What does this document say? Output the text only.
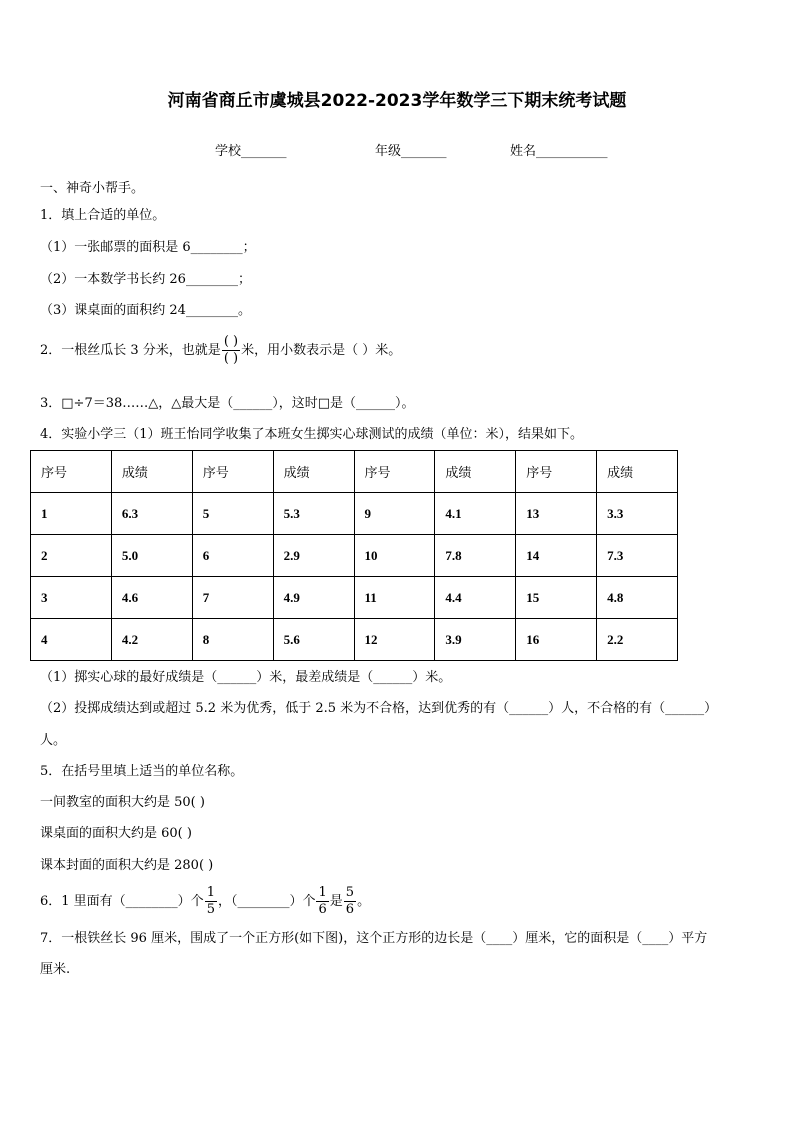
河南省商丘市虞城县2022-2023学年数学三下期末统考试题
学校_______	年级_______	姓名___________
一、神奇小帮手。
1．填上合适的单位。
（1）一张邮票的面积是 6________；
（2）一本数学书长约 26________；
（3）课桌面的面积约 24________。
2．一根丝瓜长 3 分米，也就是 $\frac{( )}{( )}$ 米，用小数表示是（ ）米。
3．□÷7＝38……△，△最大是（______），这时□是（______）。
4．实验小学三（1）班王怡同学收集了本班女生掷实心球测试的成绩（单位：米），结果如下。
序号	成绩	序号	成绩	序号	成绩	序号	成绩
1	6.3	5	5.3	9	4.1	13	3.3
2	5.0	6	2.9	10	7.8	14	7.3
3	4.6	7	4.9	11	4.4	15	4.8
4	4.2	8	5.6	12	3.9	16	2.2
（1）掷实心球的最好成绩是（______）米，最差成绩是（______）米。
（2）投掷成绩达到或超过 5.2 米为优秀，低于 2.5 米为不合格，达到优秀的有（______）人，不合格的有（______）
人。
5．在括号里填上适当的单位名称。
一间教室的面积大约是 50( )
课桌面的面积大约是 60( )
课本封面的面积大约是 280( )
6．1 里面有（________）个 $\frac{1}{5}$ ，（________）个 $\frac{1}{6}$ 是 $\frac{5}{6}$ 。
7．一根铁丝长 96 厘米，围成了一个正方形(如下图)，这个正方形的边长是（____）厘米，它的面积是（____）平方
厘米.
